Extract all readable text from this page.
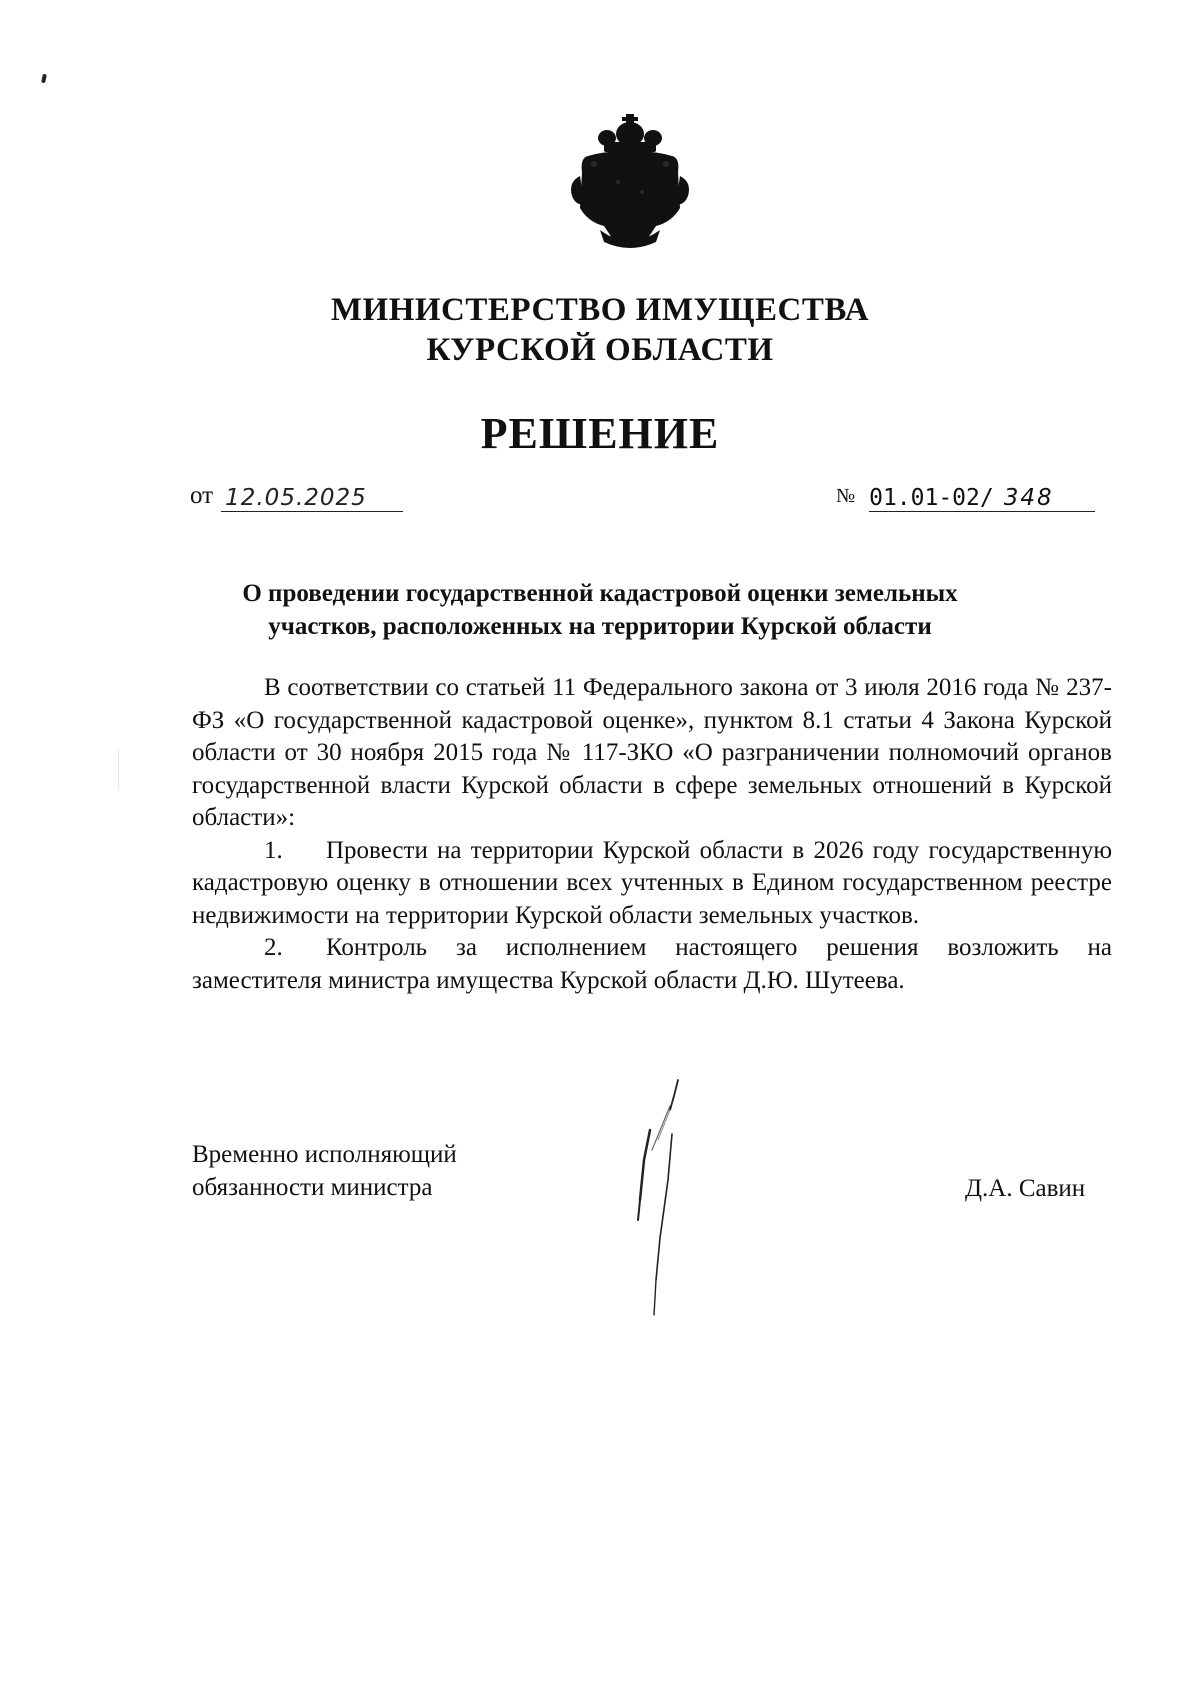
МИНИСТЕРСТВО ИМУЩЕСТВА
КУРСКОЙ ОБЛАСТИ
РЕШЕНИЕ
от 12.05.2025	№ 01.01-02/ 348
О проведении государственной кадастровой оценки земельных
участков, расположенных на территории Курской области

В соответствии со статьей 11 Федерального закона от 3 июля 2016 года № 237-ФЗ «О государственной кадастровой оценке», пунктом 8.1 статьи 4 Закона Курской области от 30 ноября 2015 года № 117-ЗКО «О разграничении полномочий органов государственной власти Курской области в сфере земельных отношений в Курской области»:

1. Провести на территории Курской области в 2026 году государственную кадастровую оценку в отношении всех учтенных в Едином государственном реестре недвижимости на территории Курской области земельных участков.

2. Контроль за исполнением настоящего решения возложить на заместителя министра имущества Курской области Д.Ю. Шутеева.

Временно исполняющий
обязанности министра	Д.А. Савин
